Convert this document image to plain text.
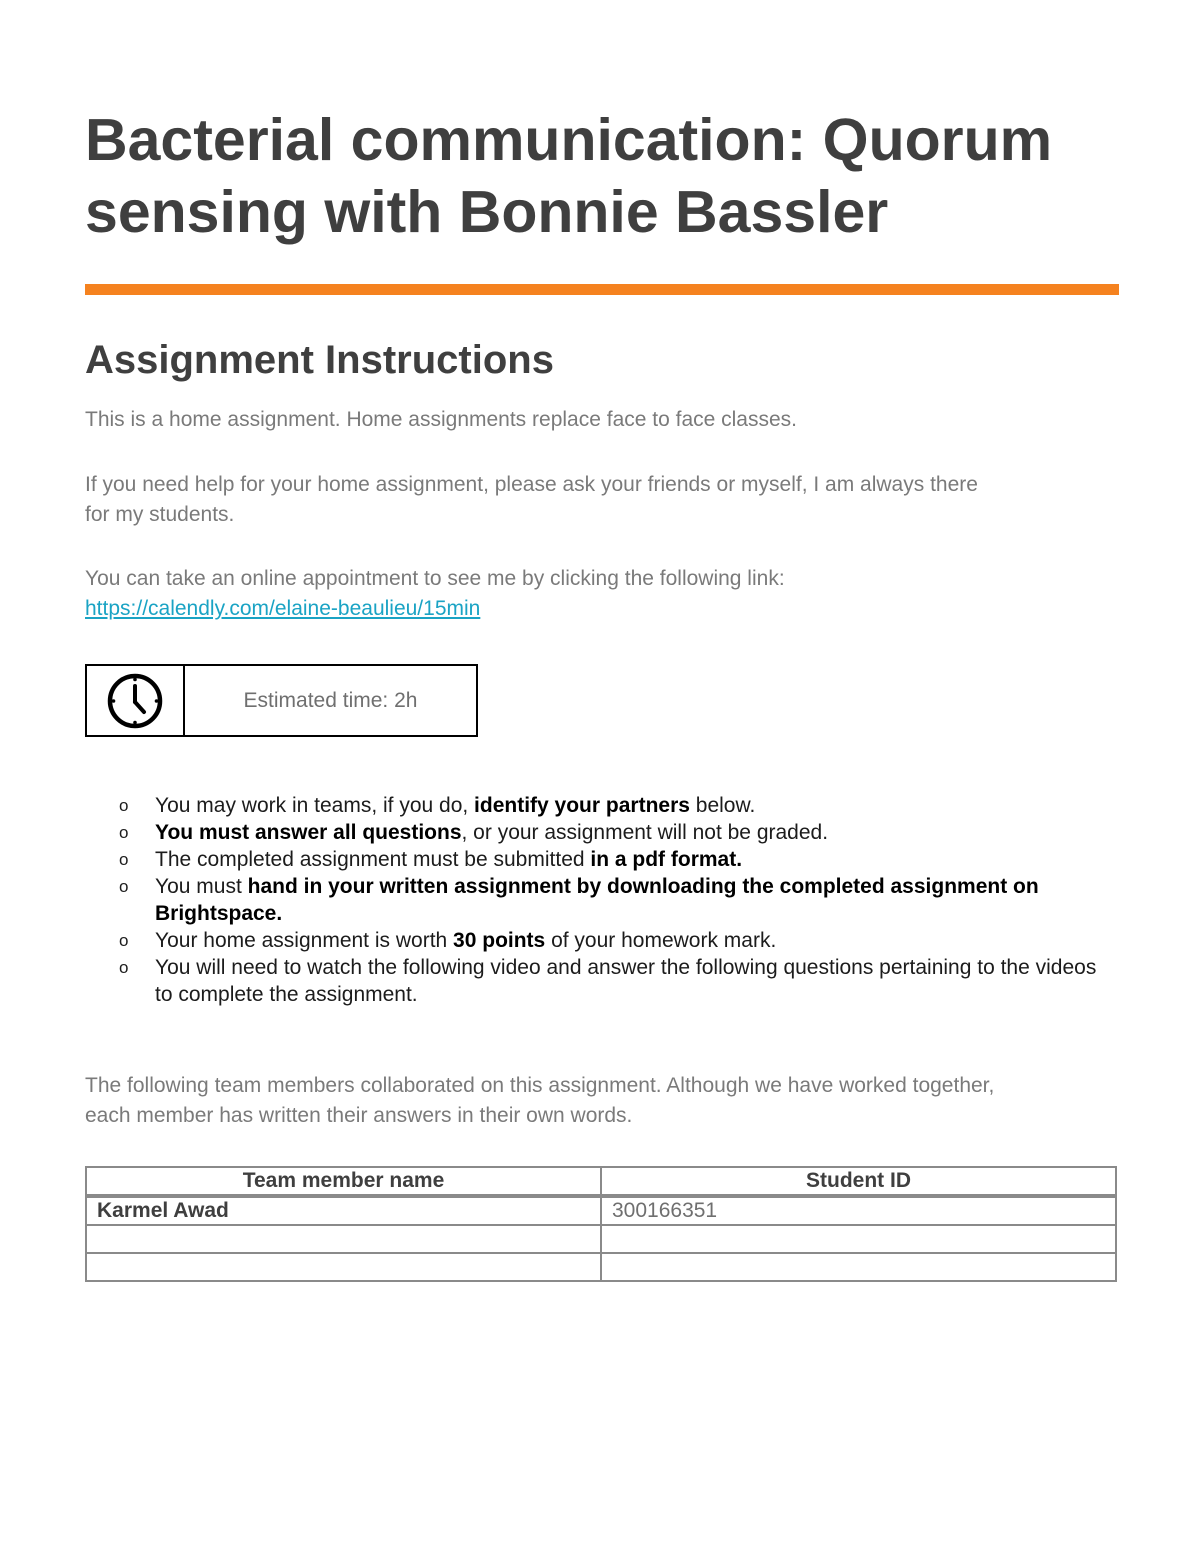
Bacterial communication: Quorum
sensing with Bonnie Bassler
Assignment Instructions

This is a home assignment. Home assignments replace face to face classes.

If you need help for your home assignment, please ask your friends or myself, I am always there
for my students.

You can take an online appointment to see me by clicking the following link:
https://calendly.com/elaine-beaulieu/15min

Estimated time: 2h
o You may work in teams, if you do, identify your partners below.
o You must answer all questions, or your assignment will not be graded.
o The completed assignment must be submitted in a pdf format.
o You must hand in your written assignment by downloading the completed assignment on Brightspace.
o Your home assignment is worth 30 points of your homework mark.
o You will need to watch the following video and answer the following questions pertaining to the videos to complete the assignment.

The following team members collaborated on this assignment. Although we have worked together,
each member has written their answers in their own words.

Team member name	Student ID
Karmel Awad	300166351
